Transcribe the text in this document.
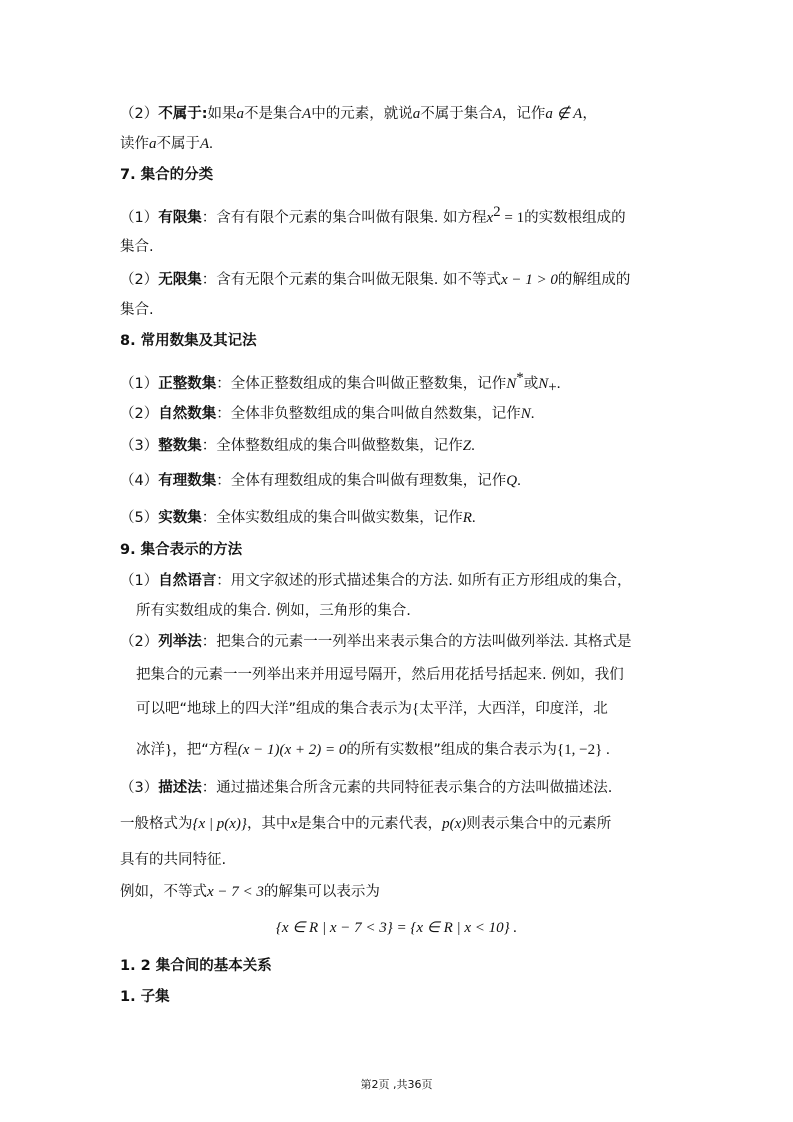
（2）不属于:如果a不是集合A中的元素，就说a不属于集合A，记作a ∉ A，
读作a不属于A.
7. 集合的分类
（1）有限集：含有有限个元素的集合叫做有限集. 如方程$x^2 = 1$的实数根组成的
集合.
（2）无限集：含有无限个元素的集合叫做无限集. 如不等式x − 1 > 0的解组成的
集合.
8. 常用数集及其记法
（1）正整数集：全体正整数组成的集合叫做正整数集，记作N*或$N_+$.
（2）自然数集：全体非负整数组成的集合叫做自然数集，记作N.
（3）整数集：全体整数组成的集合叫做整数集，记作Z.
（4）有理数集：全体有理数组成的集合叫做有理数集，记作Q.
（5）实数集：全体实数组成的集合叫做实数集，记作R.
9. 集合表示的方法
（1）自然语言：用文字叙述的形式描述集合的方法. 如所有正方形组成的集合，
所有实数组成的集合. 例如，三角形的集合.
（2）列举法：把集合的元素一一列举出来表示集合的方法叫做列举法. 其格式是
把集合的元素一一列举出来并用逗号隔开，然后用花括号括起来. 例如，我们
可以吧“地球上的四大洋”组成的集合表示为{太平洋，大西洋，印度洋，北
冰洋}，把“方程(x − 1)(x + 2) = 0的所有实数根”组成的集合表示为{1, −2} .
（3）描述法：通过描述集合所含元素的共同特征表示集合的方法叫做描述法.
一般格式为{x | p(x)}，其中x是集合中的元素代表，p(x)则表示集合中的元素所
具有的共同特征.
例如，不等式x − 7 < 3的解集可以表示为
{x ∈ R | x − 7 < 3} = {x ∈ R | x < 10} .
1. 2 集合间的基本关系
1. 子集
第2页 ,共36页
